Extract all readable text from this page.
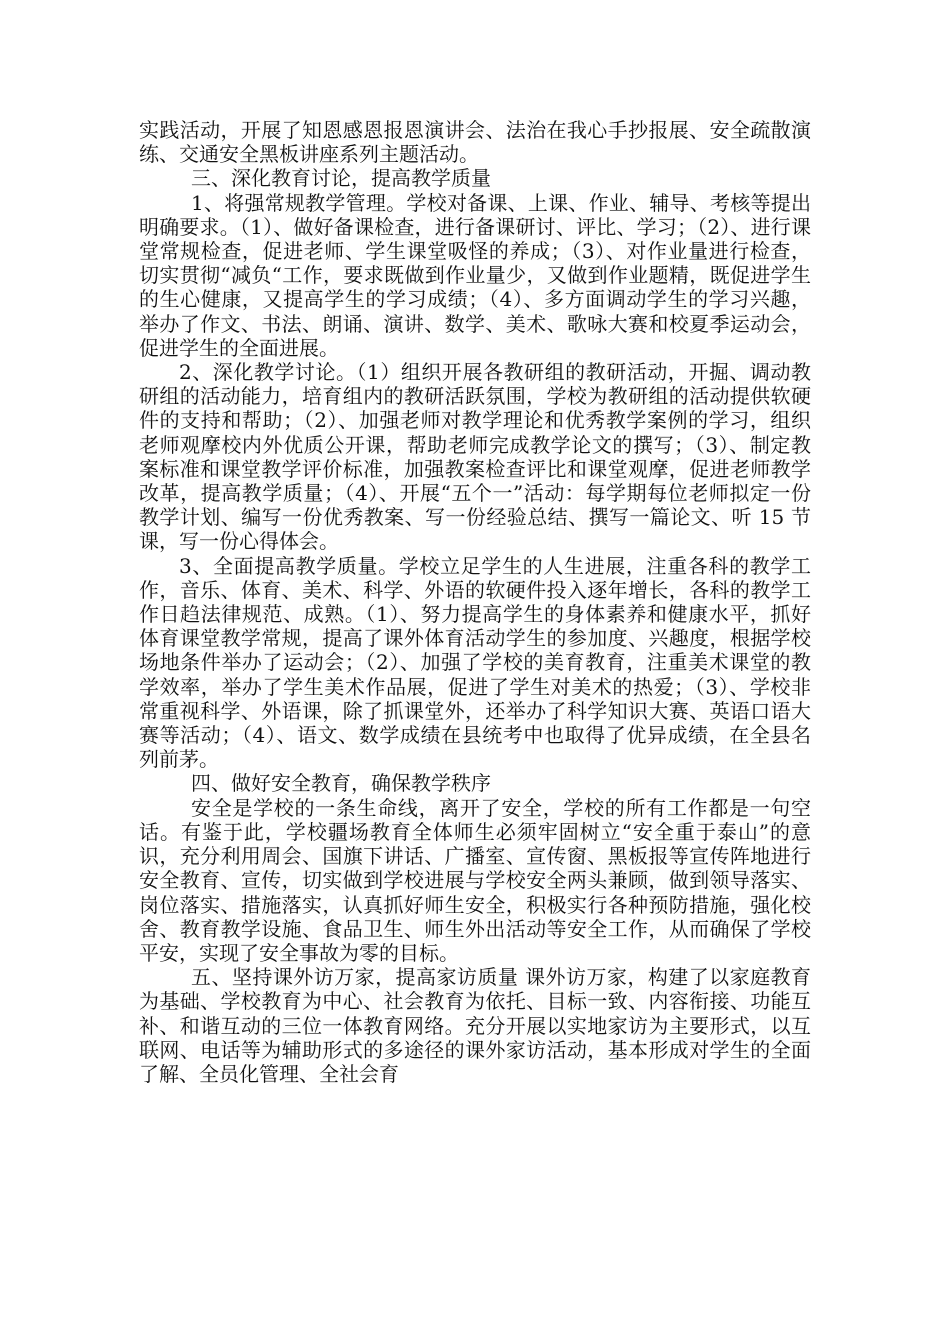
实践活动，开展了知恩感恩报恩演讲会、法治在我心手抄报展、安全疏散演练、交通安全黑板讲座系列主题活动。

三、深化教育讨论，提高教学质量

1、将强常规教学管理。学校对备课、上课、作业、辅导、考核等提出明确要求。（1）、做好备课检查，进行备课研讨、评比、学习；（2）、进行课堂常规检查，促进老师、学生课堂吸怪的养成；（3）、对作业量进行检查，切实贯彻“减负“工作，要求既做到作业量少，又做到作业题精，既促进学生的生心健康，又提高学生的学习成绩；（4）、多方面调动学生的学习兴趣，举办了作文、书法、朗诵、演讲、数学、美术、歌咏大赛和校夏季运动会，促进学生的全面进展。

2、深化教学讨论。（1）组织开展各教研组的教研活动，开掘、调动教研组的活动能力，培育组内的教研活跃氛围，学校为教研组的活动提供软硬件的支持和帮助；（2）、加强老师对教学理论和优秀教学案例的学习，组织老师观摩校内外优质公开课，帮助老师完成教学论文的撰写；（3）、制定教案标准和课堂教学评价标准，加强教案检查评比和课堂观摩，促进老师教学改革，提高教学质量；（4）、开展“五个一”活动：每学期每位老师拟定一份教学计划、编写一份优秀教案、写一份经验总结、撰写一篇论文、听 15 节课，写一份心得体会。

3、全面提高教学质量。学校立足学生的人生进展，注重各科的教学工作，音乐、体育、美术、科学、外语的软硬件投入逐年增长，各科的教学工作日趋法律规范、成熟。（1）、努力提高学生的身体素养和健康水平，抓好体育课堂教学常规，提高了课外体育活动学生的参加度、兴趣度，根据学校场地条件举办了运动会；（2）、加强了学校的美育教育，注重美术课堂的教学效率，举办了学生美术作品展，促进了学生对美术的热爱；（3）、学校非常重视科学、外语课，除了抓课堂外，还举办了科学知识大赛、英语口语大赛等活动；（4）、语文、数学成绩在县统考中也取得了优异成绩，在全县名列前茅。

四、做好安全教育，确保教学秩序

安全是学校的一条生命线，离开了安全，学校的所有工作都是一句空话。有鉴于此，学校疆场教育全体师生必须牢固树立“安全重于泰山”的意识，充分利用周会、国旗下讲话、广播室、宣传窗、黑板报等宣传阵地进行安全教育、宣传，切实做到学校进展与学校安全两头兼顾，做到领导落实、岗位落实、措施落实，认真抓好师生安全，积极实行各种预防措施，强化校舍、教育教学设施、食品卫生、师生外出活动等安全工作，从而确保了学校平安，实现了安全事故为零的目标。

五、坚持课外访万家，提高家访质量 课外访万家，构建了以家庭教育为基础、学校教育为中心、社会教育为依托、目标一致、内容衔接、功能互补、和谐互动的三位一体教育网络。充分开展以实地家访为主要形式，以互联网、电话等为辅助形式的多途径的课外家访活动，基本形成对学生的全面了解、全员化管理、全社会育
